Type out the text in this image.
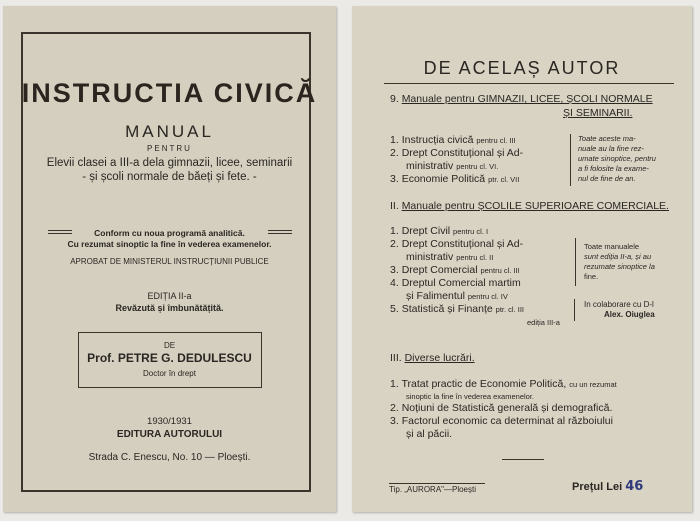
INSTRUCTIA CIVICĂ
MANUAL
PENTRU
Elevii clasei a III-a dela gimnazii, licee, seminarii
- și școli normale de băeți și fete. -
Conform cu noua programă analitică.
Cu rezumat sinoptic la fine în vederea examenelor.
APROBAT DE MINISTERUL INSTRUCȚIUNII PUBLICE
EDIȚIA II-a
Revăzută și îmbunătățită.
DE
Prof. PETRE G. DEDULESCU
Doctor în drept
1930/1931
EDITURA AUTORULUI
Strada C. Enescu, No. 10 — Ploești.
DE ACELAȘ AUTOR
9. Manuale pentru GIMNAZII, LICEE, ȘCOLI NORMALE
ȘI SEMINARII.
1. Instrucția civică pentru cl. III
2. Drept Constituțional și Ad-
ministrativ pentru cl. VI.
3. Economie Politică ptr. cl. VII
Toate aceste ma-
nuale au la fine rez-
umate sinoptice, pentru
a fi folosite la exame-
nul de fine de an.
II. Manuale pentru ȘCOLILE SUPERIOARE COMERCIALE.
1. Drept Civil pentru cl. I
2. Drept Constituțional și Ad-
ministrativ pentru cl. II
3. Drept Comercial pentru cl. III
4. Dreptul Comercial martim
și Falimentul pentru cl. IV
5. Statistică și Finanțe ptr. cl. III
ediția III-a
Toate manualele
sunt ediția II-a, și au
rezumate sinoptice la
fine.
In colaborare cu D-l
Alex. Oiuglea
III. Diverse lucrări.
1. Tratat practic de Economie Politică, cu un rezumat
sinoptic la fine în vederea examenelor.
2. Noțiuni de Statistică generală și demografică.
3. Factorul economic ca determinat al războiului
și al păcii.
Tip. „AURORA"—Ploești	Prețul Lei 46
